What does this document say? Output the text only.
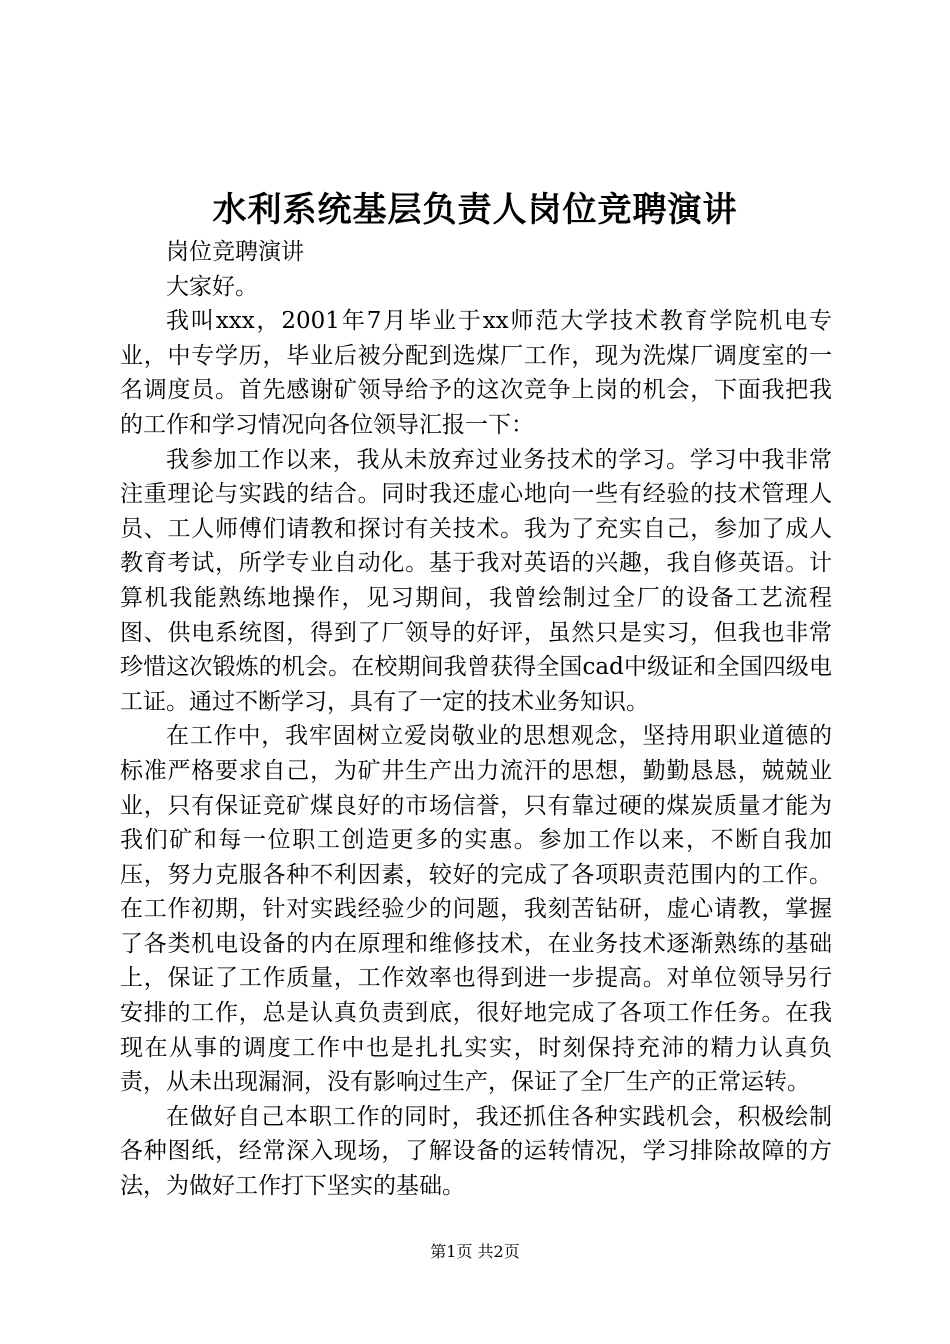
水利系统基层负责人岗位竞聘演讲

岗位竞聘演讲

大家好。

我叫xxx，2001年7月毕业于xx师范大学技术教育学院机电专业，中专学历，毕业后被分配到选煤厂工作，现为洗煤厂调度室的一名调度员。首先感谢矿领导给予的这次竞争上岗的机会，下面我把我的工作和学习情况向各位领导汇报一下：

我参加工作以来，我从未放弃过业务技术的学习。学习中我非常注重理论与实践的结合。同时我还虚心地向一些有经验的技术管理人员、工人师傅们请教和探讨有关技术。我为了充实自己，参加了成人教育考试，所学专业自动化。基于我对英语的兴趣，我自修英语。计算机我能熟练地操作，见习期间，我曾绘制过全厂的设备工艺流程图、供电系统图，得到了厂领导的好评，虽然只是实习，但我也非常珍惜这次锻炼的机会。在校期间我曾获得全国cad中级证和全国四级电工证。通过不断学习，具有了一定的技术业务知识。

在工作中，我牢固树立爱岗敬业的思想观念，坚持用职业道德的标准严格要求自己，为矿井生产出力流汗的思想，勤勤恳恳，兢兢业业，只有保证竞矿煤良好的市场信誉，只有靠过硬的煤炭质量才能为我们矿和每一位职工创造更多的实惠。参加工作以来，不断自我加压，努力克服各种不利因素，较好的完成了各项职责范围内的工作。在工作初期，针对实践经验少的问题，我刻苦钻研，虚心请教，掌握了各类机电设备的内在原理和维修技术，在业务技术逐渐熟练的基础上，保证了工作质量，工作效率也得到进一步提高。对单位领导另行安排的工作，总是认真负责到底，很好地完成了各项工作任务。在我现在从事的调度工作中也是扎扎实实，时刻保持充沛的精力认真负责，从未出现漏洞，没有影响过生产，保证了全厂生产的正常运转。

在做好自己本职工作的同时，我还抓住各种实践机会，积极绘制各种图纸，经常深入现场，了解设备的运转情况，学习排除故障的方法，为做好工作打下坚实的基础。

第1页 共2页
